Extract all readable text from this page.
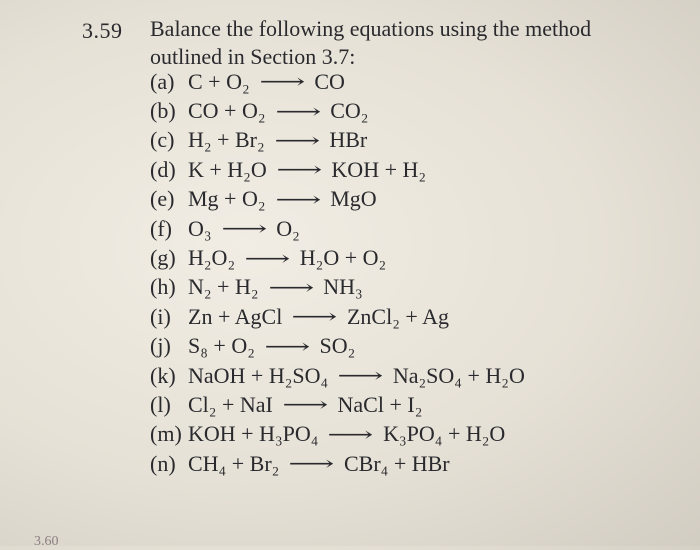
3.59 Balance the following equations using the method
outlined in Section 3.7:
(a) C + O₂ ⟶ CO
(b) CO + O₂ ⟶ CO₂
(c) H₂ + Br₂ ⟶ HBr
(d) K + H₂O ⟶ KOH + H₂
(e) Mg + O₂ ⟶ MgO
(f) O₃ ⟶ O₂
(g) H₂O₂ ⟶ H₂O + O₂
(h) N₂ + H₂ ⟶ NH₃
(i) Zn + AgCl ⟶ ZnCl₂ + Ag
(j) S₈ + O₂ ⟶ SO₂
(k) NaOH + H₂SO₄ ⟶ Na₂SO₄ + H₂O
(l) Cl₂ + NaI ⟶ NaCl + I₂
(m) KOH + H₃PO₄ ⟶ K₃PO₄ + H₂O
(n) CH₄ + Br₂ ⟶ CBr₄ + HBr
3.60
